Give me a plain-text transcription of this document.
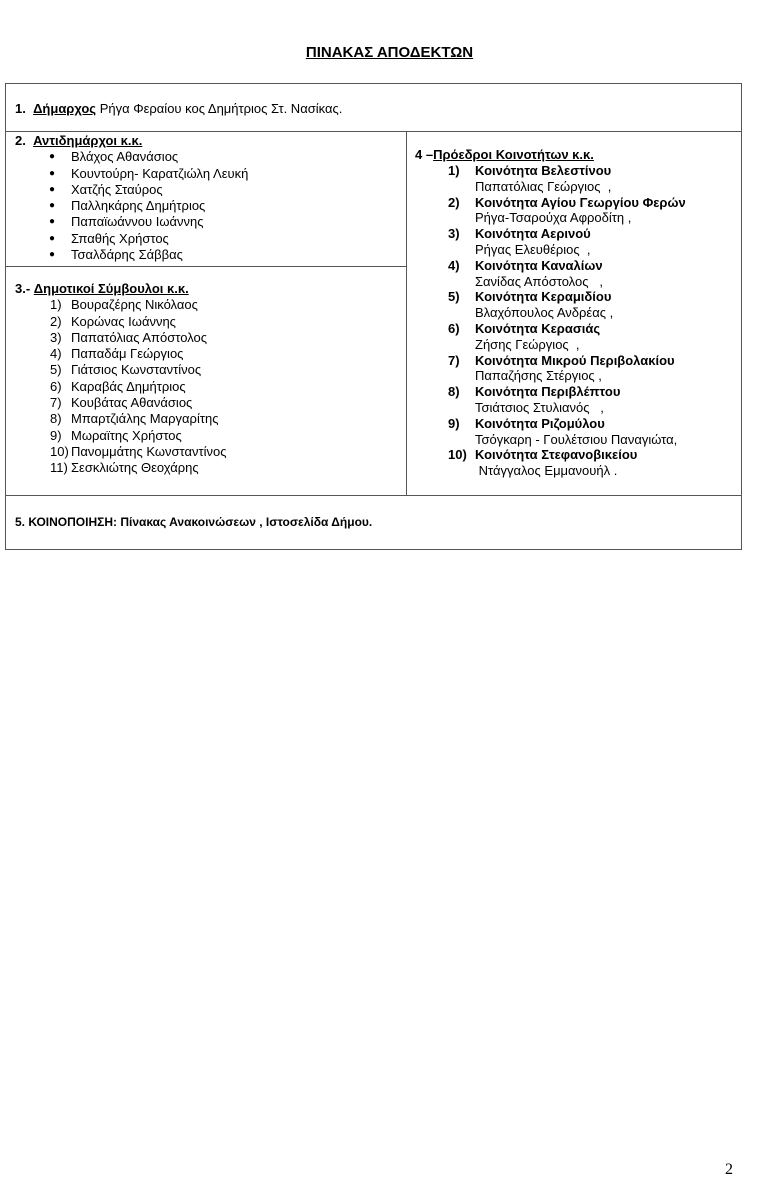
ΠΙΝΑΚΑΣ ΑΠΟΔΕΚΤΩΝ
1. Δήμαρχος Ρήγα Φεραίου κος Δημήτριος Στ. Νασίκας.
2. Αντιδημάρχοι κ.κ.
● Βλάχος Αθανάσιος
● Κουντούρη- Καρατζιώλη Λευκή
● Χατζής Σταύρος
● Παλληκάρης Δημήτριος
● Παπαϊωάννου Ιωάννης
● Σπαθής Χρήστος
● Τσαλδάρης Σάββας
3.- Δημοτικοί Σύμβουλοι κ.κ.
1) Βουραζέρης Νικόλαος
2) Κορώνας Ιωάννης
3) Παπατόλιας Απόστολος
4) Παπαδάμ Γεώργιος
5) Γιάτσιος Κωνσταντίνος
6) Καραβάς Δημήτριος
7) Κουβάτας Αθανάσιος
8) Μπαρτζιάλης Μαργαρίτης
9) Μωραϊτης Χρήστος
10) Πανομμάτης Κωνσταντίνος
11) Σεσκλιώτης Θεοχάρης
4 –Πρόεδροι Κοινοτήτων κ.κ.
1) Κοινότητα Βελεστίνου
Παπατόλιας Γεώργιος  ,
2) Κοινότητα Αγίου Γεωργίου Φερών
Ρήγα-Τσαρούχα Αφροδίτη ,
3) Κοινότητα Αερινού
Ρήγας Ελευθέριος  ,
4) Κοινότητα Καναλίων
Σανίδας Απόστολος   ,
5) Κοινότητα Κεραμιδίου
Βλαχόπουλος Ανδρέας ,
6) Κοινότητα Κερασιάς
Ζήσης Γεώργιος  ,
7) Κοινότητα Μικρού Περιβολακίου
Παπαζήσης Στέργιος ,
8) Κοινότητα Περιβλέπτου
Τσιάτσιος Στυλιανός   ,
9) Κοινότητα Ριζομύλου
Τσόγκαρη - Γουλέτσιου Παναγιώτα,
10) Κοινότητα Στεφανοβικείου
Ντάγγαλος Εμμανουήλ .
5. ΚΟΙΝΟΠΟΙΗΣΗ: Πίνακας Ανακοινώσεων , Ιστοσελίδα Δήμου.
2
